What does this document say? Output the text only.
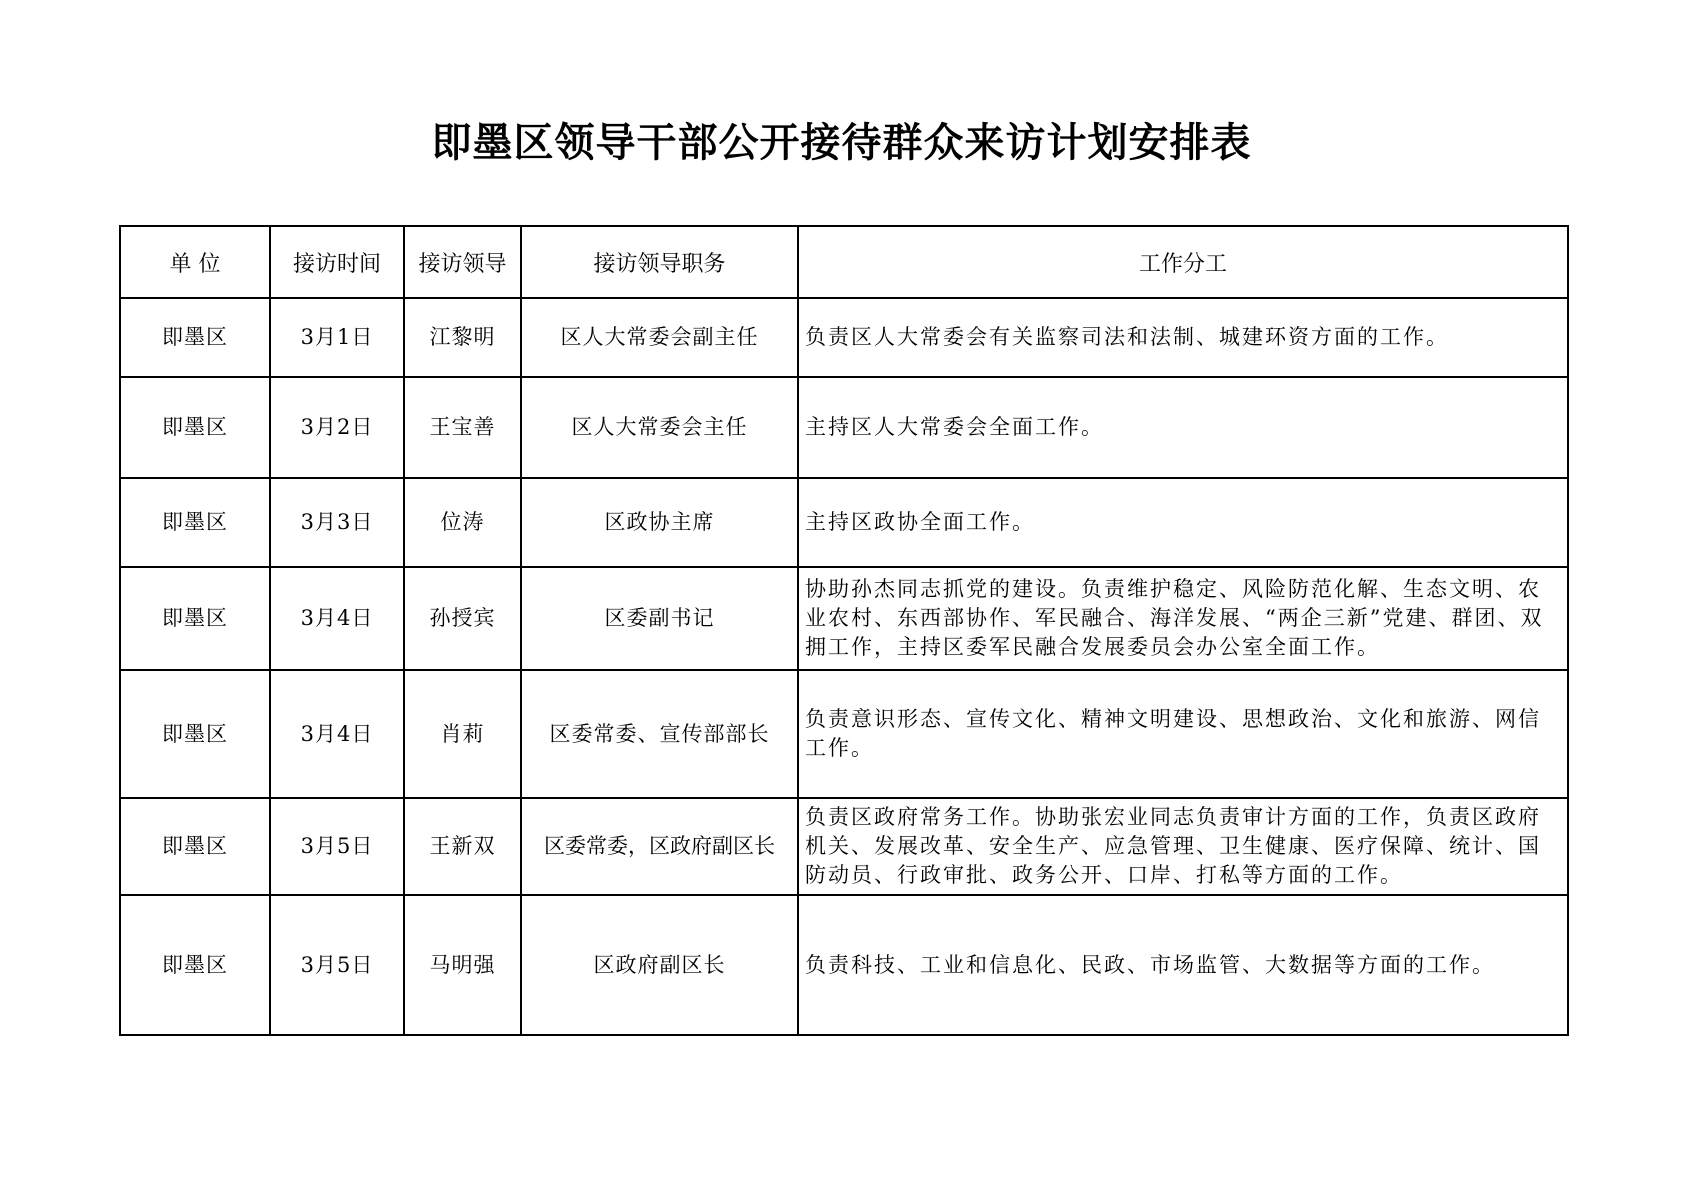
即墨区领导干部公开接待群众来访计划安排表
单 位	接访时间	接访领导	接访领导职务	工作分工
即墨区	3月1日	江黎明	区人大常委会副主任	负责区人大常委会有关监察司法和法制、城建环资方面的工作。
即墨区	3月2日	王宝善	区人大常委会主任	主持区人大常委会全面工作。
即墨区	3月3日	位涛	区政协主席	主持区政协全面工作。
即墨区	3月4日	孙授宾	区委副书记	协助孙杰同志抓党的建设。负责维护稳定、风险防范化解、生态文明、农业农村、东西部协作、军民融合、海洋发展、“两企三新”党建、群团、双拥工作，主持区委军民融合发展委员会办公室全面工作。
即墨区	3月4日	肖莉	区委常委、宣传部部长	负责意识形态、宣传文化、精神文明建设、思想政治、文化和旅游、网信工作。
即墨区	3月5日	王新双	区委常委，区政府副区长	负责区政府常务工作。协助张宏业同志负责审计方面的工作，负责区政府机关、发展改革、安全生产、应急管理、卫生健康、医疗保障、统计、国防动员、行政审批、政务公开、口岸、打私等方面的工作。
即墨区	3月5日	马明强	区政府副区长	负责科技、工业和信息化、民政、市场监管、大数据等方面的工作。
